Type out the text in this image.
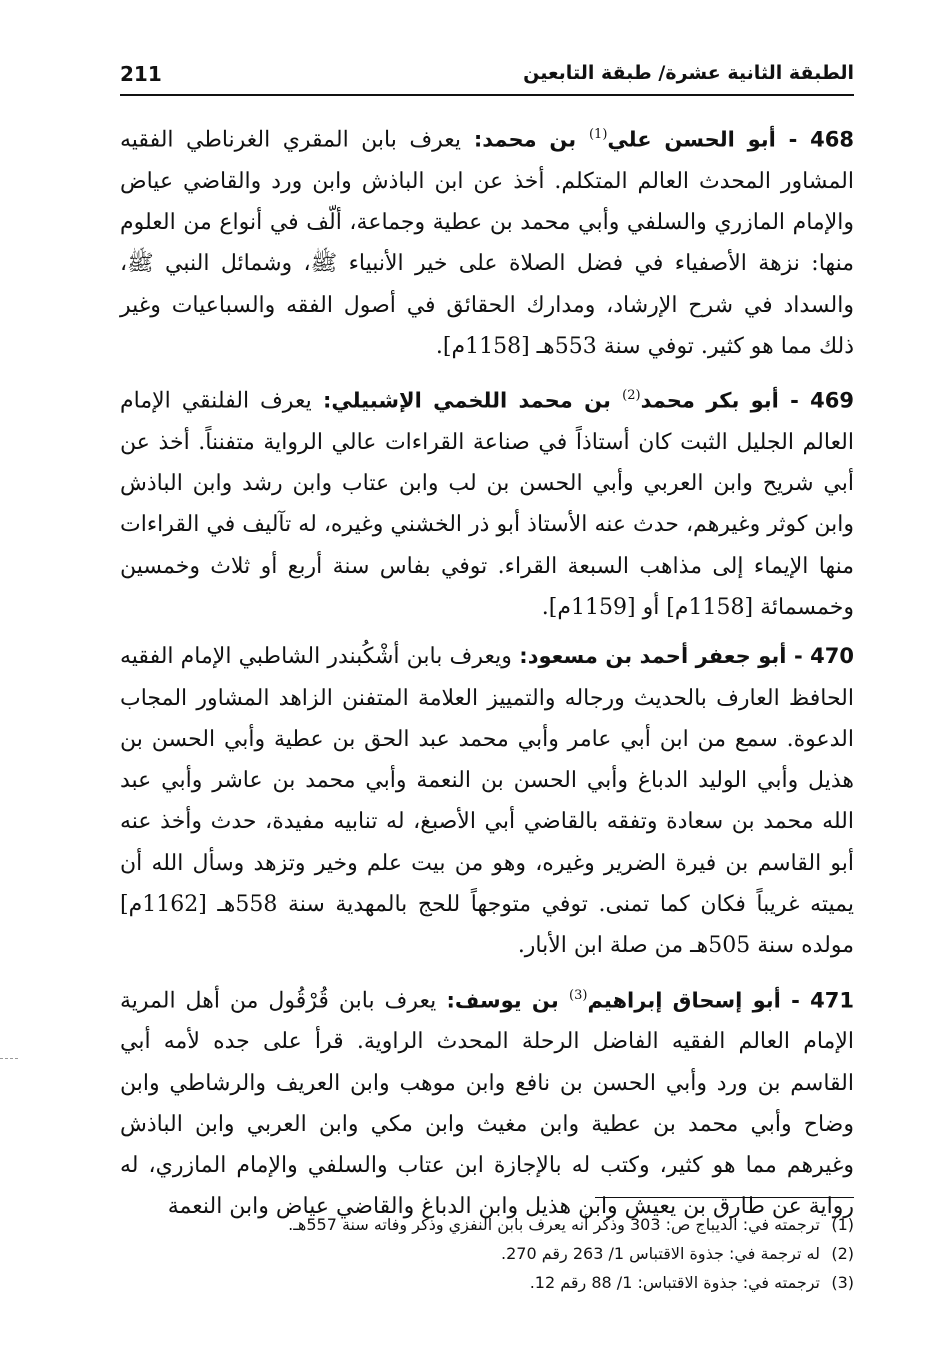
الطبقة الثانية عشرة/ طبقة التابعين
211

468 - أبو الحسن علي$^{(1)}$ بن محمد: يعرف بابن المقري الغرناطي الفقيه المشاور المحدث العالم المتكلم. أخذ عن ابن الباذش وابن ورد والقاضي عياض والإمام المازري والسلفي وأبي محمد بن عطية وجماعة، ألّف في أنواع من العلوم منها: نزهة الأصفياء في فضل الصلاة على خير الأنبياء ﷺ، وشمائل النبي ﷺ، والسداد في شرح الإرشاد، ومدارك الحقائق في أصول الفقه والسباعيات وغير ذلك مما هو كثير. توفي سنة 553هـ [1158م].

469 - أبو بكر محمد$^{(2)}$ بن محمد اللخمي الإشبيلي: يعرف الفلنقي الإمام العالم الجليل الثبت كان أستاذاً في صناعة القراءات عالي الرواية متفنناً. أخذ عن أبي شريح وابن العربي وأبي الحسن بن لب وابن عتاب وابن رشد وابن الباذش وابن كوثر وغيرهم، حدث عنه الأستاذ أبو ذر الخشني وغيره، له تآليف في القراءات منها الإيماء إلى مذاهب السبعة القراء. توفي بفاس سنة أربع أو ثلاث وخمسين وخمسمائة [1158م] أو [1159م].

470 - أبو جعفر أحمد بن مسعود: ويعرف بابن أشْكُبندر الشاطبي الإمام الفقيه الحافظ العارف بالحديث ورجاله والتمييز العلامة المتفنن الزاهد المشاور المجاب الدعوة. سمع من ابن أبي عامر وأبي محمد عبد الحق بن عطية وأبي الحسن بن هذيل وأبي الوليد الدباغ وأبي الحسن بن النعمة وأبي محمد بن عاشر وأبي عبد الله محمد بن سعادة وتفقه بالقاضي أبي الأصبغ، له تنابيه مفيدة، حدث وأخذ عنه أبو القاسم بن فيرة الضرير وغيره، وهو من بيت علم وخير وتزهد وسأل الله أن يميته غريباً فكان كما تمنى. توفي متوجهاً للحج بالمهدية سنة 558هـ [1162م] مولده سنة 505هـ من صلة ابن الأبار.

471 - أبو إسحاق إبراهيم$^{(3)}$ بن يوسف: يعرف بابن قُرْقُول من أهل المرية الإمام العالم الفقيه الفاضل الرحلة المحدث الراوية. قرأ على جده لأمه أبي القاسم بن ورد وأبي الحسن بن نافع وابن موهب وابن العريف والرشاطي وابن وضاح وأبي محمد بن عطية وابن مغيث وابن مكي وابن العربي وابن الباذش وغيرهم مما هو كثير، وكتب له بالإجازة ابن عتاب والسلفي والإمام المازري، له رواية عن طارق بن يعيش وابن هذيل وابن الدباغ والقاضي عياض وابن النعمة

(1)ترجمته في: الديباج ص: 303 وذكر أنه يعرف بابن النفزي وذكر وفاته سنة 557هـ.
(2)له ترجمة في: جذوة الاقتباس 1/ 263 رقم 270.
(3)ترجمته في: جذوة الاقتباس: 1/ 88 رقم 12.
